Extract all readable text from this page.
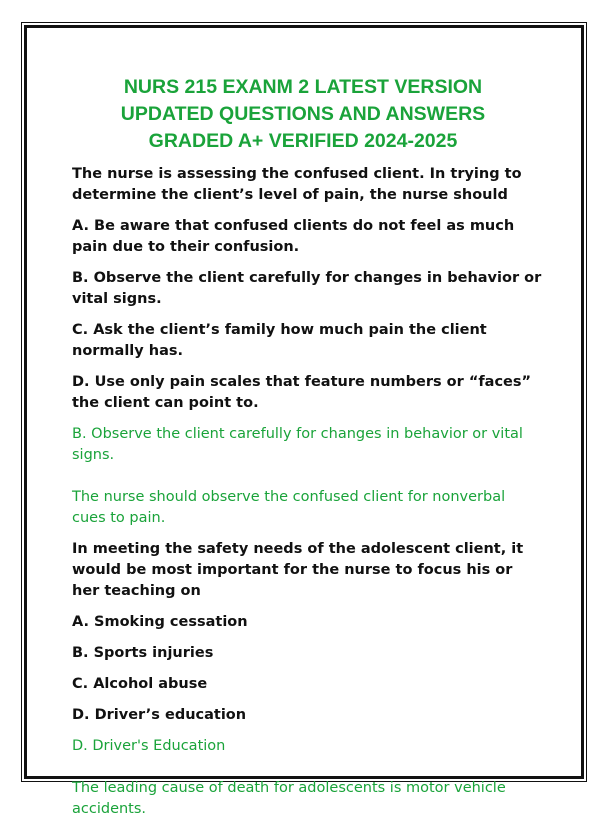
NURS 215 EXANM 2 LATEST VERSION
UPDATED QUESTIONS AND ANSWERS
GRADED A+ VERIFIED 2024-2025
The nurse is assessing the confused client. In trying to determine the client’s level of pain, the nurse should
A. Be aware that confused clients do not feel as much pain due to their confusion.
B. Observe the client carefully for changes in behavior or vital signs.
C. Ask the client’s family how much pain the client normally has.
D. Use only pain scales that feature numbers or “faces” the client can point to.
B. Observe the client carefully for changes in behavior or vital signs.
The nurse should observe the confused client for nonverbal cues to pain.
In meeting the safety needs of the adolescent client, it would be most important for the nurse to focus his or her teaching on
A. Smoking cessation
B. Sports injuries
C. Alcohol abuse
D. Driver’s education
D. Driver's Education
The leading cause of death for adolescents is motor vehicle accidents.
